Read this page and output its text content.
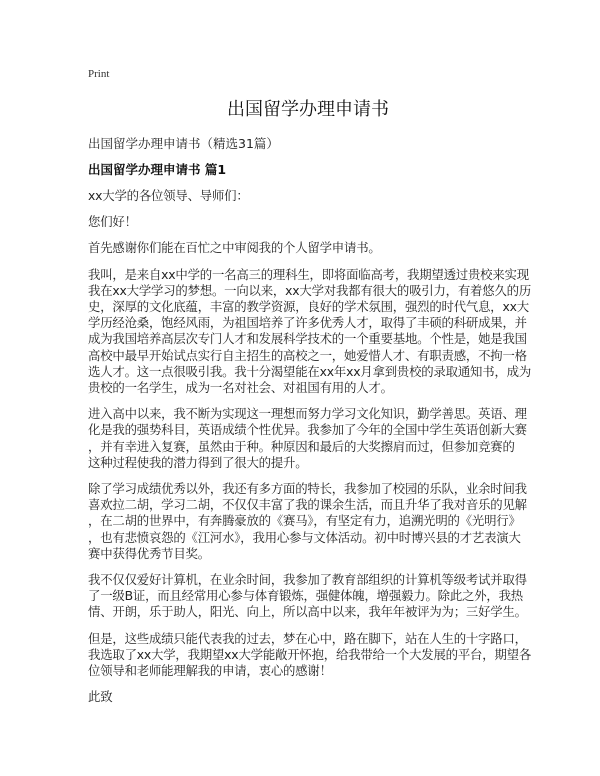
Print
出国留学办理申请书
出国留学办理申请书（精选31篇）
出国留学办理申请书 篇1
xx大学的各位领导、导师们：
您们好！
首先感谢你们能在百忙之中审阅我的个人留学申请书。
我叫，是来自xx中学的一名高三的理科生，即将面临高考，我期望透过贵校来实现
我在xx大学学习的梦想。一向以来，xx大学对我都有很大的吸引力，有着悠久的历
史，深厚的文化底蕴，丰富的教学资源，良好的学术氛围，强烈的时代气息，xx大
学历经沧桑，饱经风雨，为祖国培养了许多优秀人才，取得了丰硕的科研成果，并
成为我国培养高层次专门人才和发展科学技术的一个重要基地。个性是，她是我国
高校中最早开始试点实行自主招生的高校之一，她爱惜人才、有职责感，不拘一格
选人才。这一点很吸引我。我十分渴望能在xx年xx月拿到贵校的录取通知书，成为
贵校的一名学生，成为一名对社会、对祖国有用的人才。
进入高中以来，我不断为实现这一理想而努力学习文化知识，勤学善思。英语、理
化是我的强势科目，英语成绩个性优异。我参加了今年的全国中学生英语创新大赛
，并有幸进入复赛，虽然由于种。种原因和最后的大奖擦肩而过，但参加竞赛的
这种过程使我的潜力得到了很大的提升。
除了学习成绩优秀以外，我还有多方面的特长，我参加了校园的乐队，业余时间我
喜欢拉二胡，学习二胡，不仅仅丰富了我的课余生活，而且升华了我对音乐的见解
，在二胡的世界中，有奔腾豪放的《赛马》，有坚定有力，追溯光明的《光明行》
，也有悲愤哀怨的《江河水》，我用心参与文体活动。初中时博兴县的才艺表演大
赛中获得优秀节目奖。
我不仅仅爱好计算机，在业余时间，我参加了教育部组织的计算机等级考试并取得
了一级B证，而且经常用心参与体育锻炼，强健体魄，增强毅力。除此之外，我热
情、开朗，乐于助人，阳光、向上，所以高中以来，我年年被评为为；三好学生。
但是，这些成绩只能代表我的过去，梦在心中，路在脚下，站在人生的十字路口，
我选取了xx大学，我期望xx大学能敞开怀抱，给我带给一个大发展的平台，期望各
位领导和老师能理解我的申请，衷心的感谢！
此致
